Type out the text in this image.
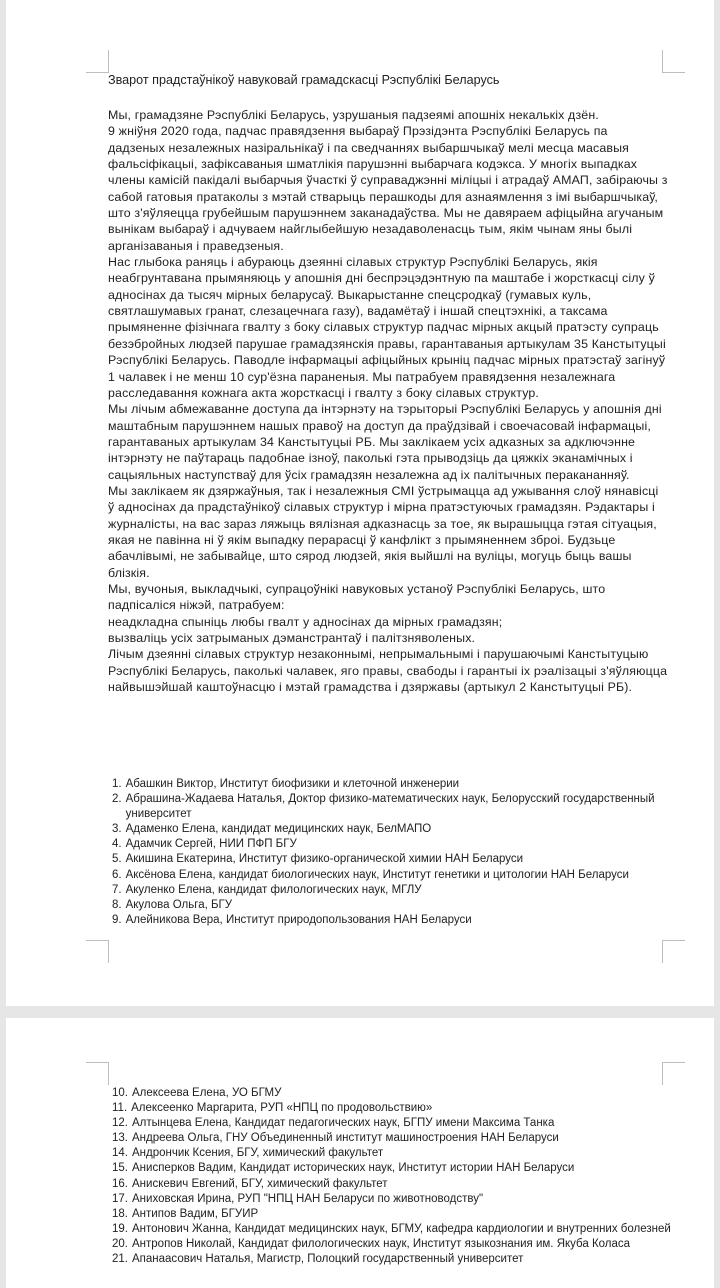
Зварот прадстаўнікоў навуковай грамадскасці Рэспублікі Беларусь

Мы, грамадзяне Рэспублікі Беларусь, узрушаныя падзеямі апошніх некалькіх дзён.

9 жніўня 2020 года, падчас правядзення выбараў Прэзідэнта Рэспублікі Беларусь па дадзеных незалежных назіральнікаў і па сведчаннях выбаршчыкаў мелі месца масавыя фальсіфікацыі, зафіксаваныя шматлікія парушэнні выбарчага кодэкса. У многіх выпадках члены камісій пакідалі выбарчыя ўчасткі ў суправаджэнні міліцыі і атрадаў АМАП, забіраючы з сабой гатовыя пратаколы з мэтай стварыць перашкоды для азнаямлення з імі выбаршчыкаў, што з'яўляецца грубейшым парушэннем заканадаўства. Мы не давяраем афіцыйна агучаным вынікам выбараў і адчуваем найглыбейшую незадаволенасць тым, якім чынам яны былі арганізаваныя і праведзеныя.

Нас глыбока раняць і абураюць дзеянні сілавых структур Рэспублікі Беларусь, якія неабгрунтавана прымяняюць у апошнія дні беспрэцэдэнтную па маштабе і жорсткасці сілу ў адносінах да тысяч мірных беларусаў. Выкарыстанне спецсродкаў (гумавых куль, святлашумавых гранат, слезацечнага газу), вадамётаў і іншай спецтэхнікі, а таксама прымяненне фізічнага гвалту з боку сілавых структур падчас мірных акцый пратэсту супраць безэбройных людзей парушае грамадзянскія правы, гарантаваныя артыкулам 35 Канстытуцыі Рэспублікі Беларусь. Паводле інфармацыі афіцыйных крыніц падчас мірных пратэстаў загінуў 1 чалавек і не менш 10 сур'ёзна параненыя. Мы патрабуем правядзення незалежнага расследавання кожнага акта жорсткасці і гвалту з боку сілавых структур.

Мы лічым абмежаванне доступа да інтэрнэту на тэрыторыі Рэспублікі Беларусь у апошнія дні маштабным парушэннем нашых правоў на доступ да праўдзівай і своечасовай інфармацыі, гарантаваных артыкулам 34 Канстытуцыі РБ. Мы заклікаем усіх адказных за адключэнне інтэрнэту не паўтараць падобнае ізноў, паколькі гэта прыводзіць да цяжкіх эканамічных і сацыяльных наступстваў для ўсіх грамадзян незалежна ад іх палітычных перакананняў.

Мы заклікаем як дзяржаўныя, так і незалежныя СМІ ўстрымацца ад ужывання слоў нянавісці ў адносінах да прадстаўнікоў сілавых структур і мірна пратэстуючых грамадзян. Рэдактары і журналісты, на вас зараз ляжыць вялізная адказнасць за тое, як вырашыцца гэтая сітуацыя, якая не павінна ні ў якім выпадку перарасці ў канфлікт з прымяненнем зброі. Будзьце абачлівымі, не забывайце, што сярод людзей, якія выйшлі на вуліцы, могуць быць вашы блізкія.

Мы, вучоныя, выкладчыкі, супрацоўнікі навуковых устаноў Рэспублікі Беларусь, што падпісаліся ніжэй, патрабуем:

неадкладна спыніць любы гвалт у адносінах да мірных грамадзян;

вызваліць усіх затрыманых дэманстрантаў і палітзняволеных.

Лічым дзеянні сілавых структур незаконнымі, непрымальнымі і парушаючымі Канстытуцыю Рэспублікі Беларусь, паколькі чалавек, яго правы, свабоды і гарантыі іх рэалізацыі з'яўляюцца найвышэйшай каштоўнасцю і мэтай грамадства і дзяржавы (артыкул 2 Канстытуцыі РБ).

1. Абашкин Виктор, Институт биофизики и клеточной инженерии
2. Абрашина-Жадаева Наталья, Доктор физико-математических наук, Белорусский государственный университет
3. Адаменко Елена, кандидат медицинских наук, БелМАПО
4. Адамчик Сергей, НИИ ПФП БГУ
5. Акишина Екатерина, Институт физико-органической химии НАН Беларуси
6. Аксёнова Елена, кандидат биологических наук, Институт генетики и цитологии НАН Беларуси
7. Акуленко Елена, кандидат филологических наук, МГЛУ
8. Акулова Ольга, БГУ
9. Алейникова Вера, Институт природопользования НАН Беларуси
10. Алексеева Елена, УО БГМУ
11. Алексеенко Маргарита, РУП «НПЦ по продовольствию»
12. Алтынцева Елена, Кандидат педагогических наук, БГПУ имени Максима Танка
13. Андреева Ольга, ГНУ Объединенный институт машиностроения НАН Беларуси
14. Андрончик Ксения, БГУ, химический факультет
15. Анисперков Вадим, Кандидат исторических наук, Институт истории НАН Беларуси
16. Анискевич Евгений, БГУ, химический факультет
17. Аниховская Ирина, РУП "НПЦ НАН Беларуси по животноводству"
18. Антипов Вадим, БГУИР
19. Антонович Жанна, Кандидат медицинских наук, БГМУ, кафедра кардиологии и внутренних болезней
20. Антропов Николай, Кандидат филологических наук, Институт языкознания им. Якуба Коласа
21. Апанаасович Наталья, Магистр, Полоцкий государственный университет
